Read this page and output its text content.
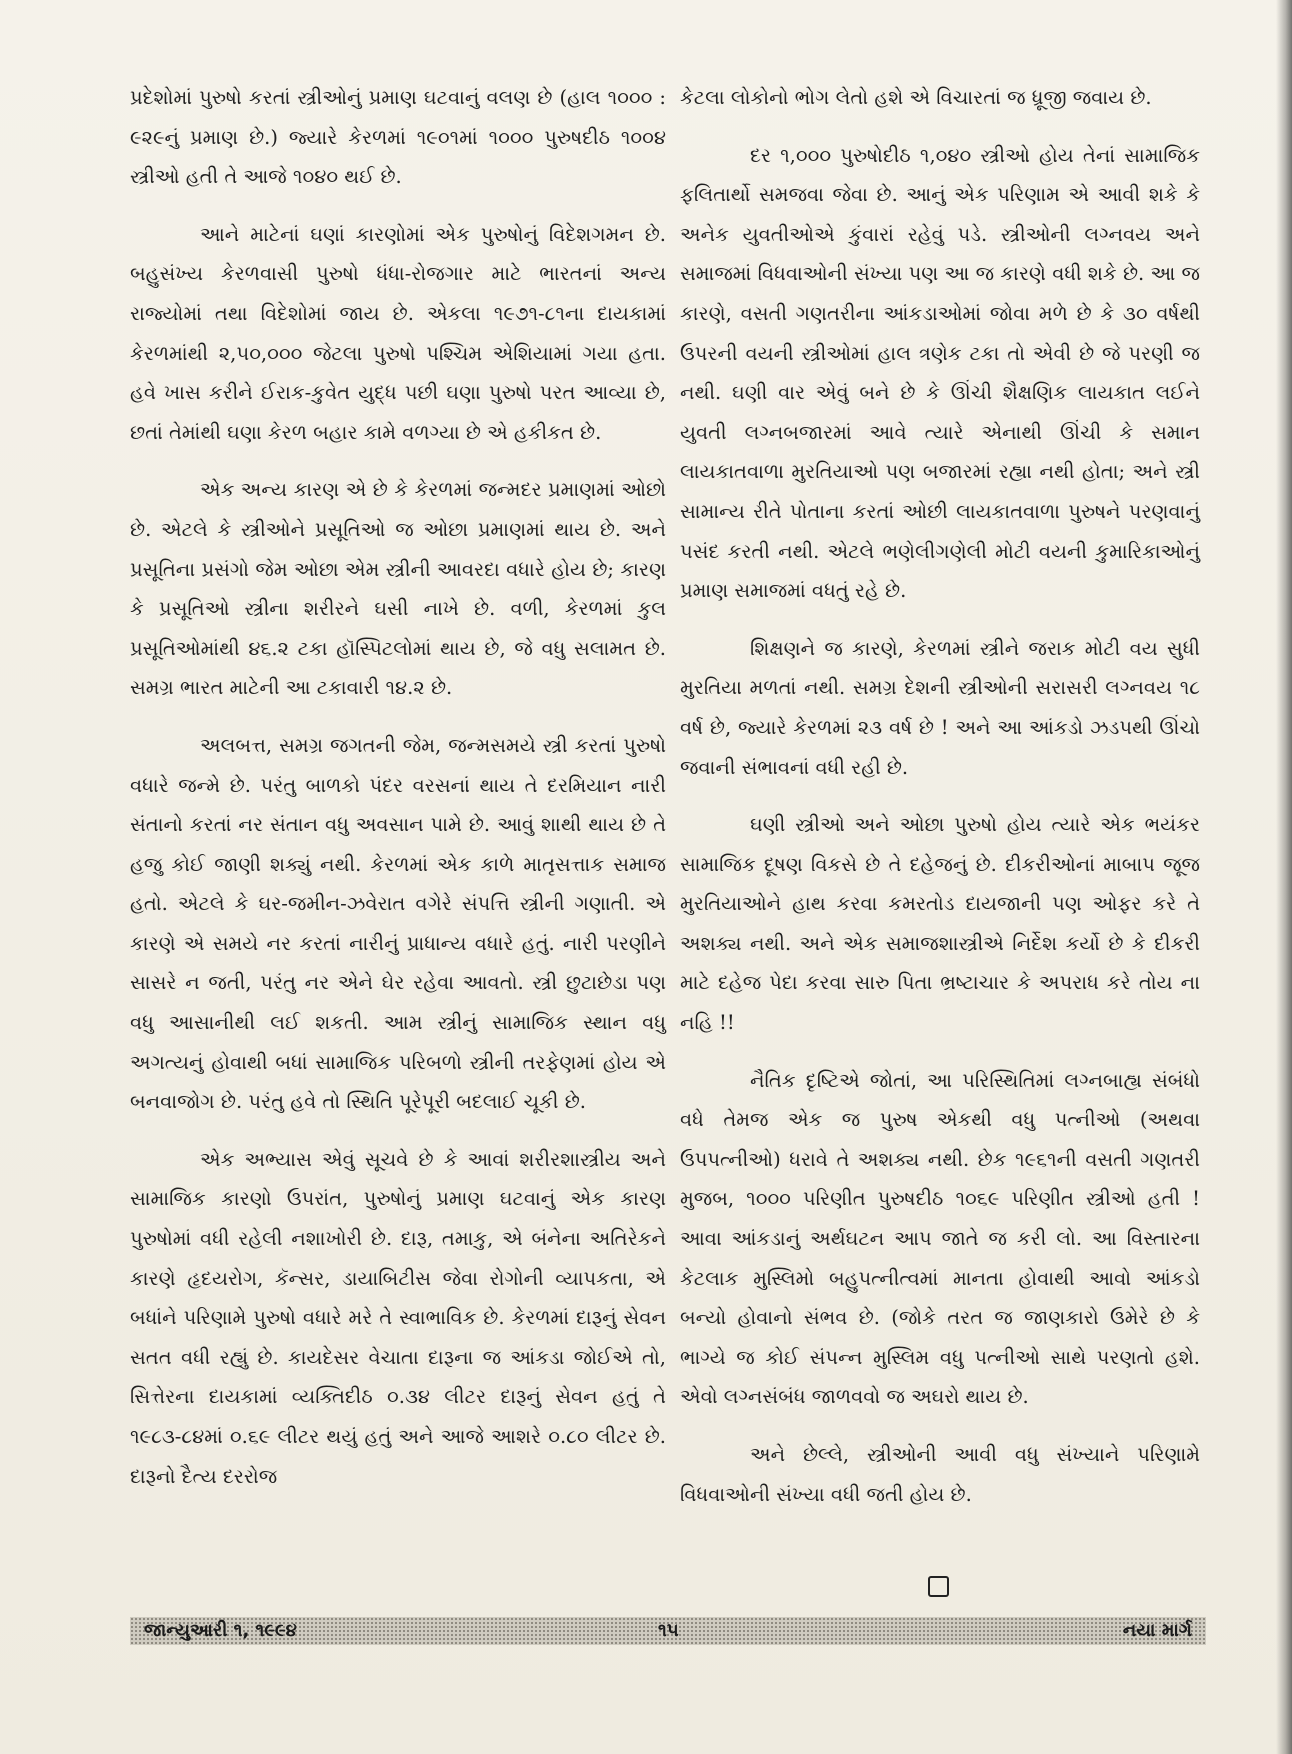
પ્રદેશોમાં પુરુષો કરતાં સ્ત્રીઓનું પ્રમાણ ઘટવાનું વલણ છે (હાલ ૧૦૦૦ : ૯૨૯નું પ્રમાણ છે.) જ્યારે કેરળમાં ૧૯૦૧માં ૧૦૦૦ પુરુષદીઠ ૧૦૦૪ સ્ત્રીઓ હતી તે આજે ૧૦૪૦ થઈ છે.

આને માટેનાં ઘણાં કારણોમાં એક પુરુષોનું વિદેશગમન છે. બહુસંખ્ય કેરળવાસી પુરુષો ધંધા-રોજગાર માટે ભારતનાં અન્ય રાજ્યોમાં તથા વિદેશોમાં જાય છે. એકલા ૧૯૭૧-૮૧ના દાયકામાં કેરળમાંથી ૨,૫૦,૦૦૦ જેટલા પુરુષો પશ્ચિમ એશિયામાં ગયા હતા. હવે ખાસ કરીને ઈરાક-કુવેત યુદ્ધ પછી ઘણા પુરુષો પરત આવ્યા છે, છતાં તેમાંથી ઘણા કેરળ બહાર કામે વળગ્યા છે એ હકીકત છે.

એક અન્ય કારણ એ છે કે કેરળમાં જન્મદર પ્રમાણમાં ઓછો છે. એટલે કે સ્ત્રીઓને પ્રસૂતિઓ જ ઓછા પ્રમાણમાં થાય છે. અને પ્રસૂતિના પ્રસંગો જેમ ઓછા એમ સ્ત્રીની આવરદા વધારે હોય છે; કારણ કે પ્રસૂતિઓ સ્ત્રીના શરીરને ઘસી નાખે છે. વળી, કેરળમાં કુલ પ્રસૂતિઓમાંથી ૪૬.૨ ટકા હૉસ્પિટલોમાં થાય છે, જે વધુ સલામત છે. સમગ્ર ભારત માટેની આ ટકાવારી ૧૪.૨ છે.

અલબત્ત, સમગ્ર જગતની જેમ, જન્મસમયે સ્ત્રી કરતાં પુરુષો વધારે જન્મે છે. પરંતુ બાળકો પંદર વરસનાં થાય તે દરમિયાન નારી સંતાનો કરતાં નર સંતાન વધુ અવસાન પામે છે. આવું શાથી થાય છે તે હજુ કોઈ જાણી શક્યું નથી. કેરળમાં એક કાળે માતૃસત્તાક સમાજ હતો. એટલે કે ઘર-જમીન-ઝવેરાત વગેરે સંપત્તિ સ્ત્રીની ગણાતી. એ કારણે એ સમયે નર કરતાં નારીનું પ્રાધાન્ય વધારે હતું. નારી પરણીને સાસરે ન જતી, પરંતુ નર એને ઘેર રહેવા આવતો. સ્ત્રી છુટાછેડા પણ વધુ આસાનીથી લઈ શકતી. આમ સ્ત્રીનું સામાજિક સ્થાન વધુ અગત્યનું હોવાથી બધાં સામાજિક પરિબળો સ્ત્રીની તરફેણમાં હોય એ બનવાજોગ છે. પરંતુ હવે તો સ્થિતિ પૂરેપૂરી બદલાઈ ચૂકી છે.

એક અભ્યાસ એવું સૂચવે છે કે આવાં શરીરશાસ્ત્રીય અને સામાજિક કારણો ઉપરાંત, પુરુષોનું પ્રમાણ ઘટવાનું એક કારણ પુરુષોમાં વધી રહેલી નશાખોરી છે. દારૂ, તમાકુ, એ બંનેના અતિરેકને કારણે હૃદયરોગ, કૅન્સર, ડાયાબિટીસ જેવા રોગોની વ્યાપકતા, એ બધાંને પરિણામે પુરુષો વધારે મરે તે સ્વાભાવિક છે. કેરળમાં દારૂનું સેવન સતત વધી રહ્યું છે. કાયદેસર વેચાતા દારૂના જ આંકડા જોઈએ તો, સિત્તેરના દાયકામાં વ્યક્તિદીઠ ૦.૩૪ લીટર દારૂનું સેવન હતું તે ૧૯૮૩-૮૪માં ૦.૬૯ લીટર થયું હતું અને આજે આશરે ૦.૮૦ લીટર છે. દારૂનો દૈત્ય દરરોજ

કેટલા લોકોનો ભોગ લેતો હશે એ વિચારતાં જ ધ્રૂજી જવાય છે.

દર ૧,૦૦૦ પુરુષોદીઠ ૧,૦૪૦ સ્ત્રીઓ હોય તેનાં સામાજિક ફલિતાર્થો સમજવા જેવા છે. આનું એક પરિણામ એ આવી શકે કે અનેક યુવતીઓએ કુંવારાં રહેવું પડે. સ્ત્રીઓની લગ્નવય અને સમાજમાં વિધવાઓની સંખ્યા પણ આ જ કારણે વધી શકે છે. આ જ કારણે, વસતી ગણતરીના આંકડાઓમાં જોવા મળે છે કે ૩૦ વર્ષથી ઉપરની વયની સ્ત્રીઓમાં હાલ ત્રણેક ટકા તો એવી છે જે પરણી જ નથી. ઘણી વાર એવું બને છે કે ઊંચી શૈક્ષણિક લાયકાત લઈને યુવતી લગ્નબજારમાં આવે ત્યારે એનાથી ઊંચી કે સમાન લાયકાતવાળા મુરતિયાઓ પણ બજારમાં રહ્યા નથી હોતા; અને સ્ત્રી સામાન્ય રીતે પોતાના કરતાં ઓછી લાયકાતવાળા પુરુષને પરણવાનું પસંદ કરતી નથી. એટલે ભણેલીગણેલી મોટી વયની કુમારિકાઓનું પ્રમાણ સમાજમાં વધતું રહે છે.

શિક્ષણને જ કારણે, કેરળમાં સ્ત્રીને જરાક મોટી વય સુધી મુરતિયા મળતાં નથી. સમગ્ર દેશની સ્ત્રીઓની સરાસરી લગ્નવય ૧૮ વર્ષ છે, જ્યારે કેરળમાં ૨૩ વર્ષ છે ! અને આ આંકડો ઝડપથી ઊંચો જવાની સંભાવનાં વધી રહી છે.

ઘણી સ્ત્રીઓ અને ઓછા પુરુષો હોય ત્યારે એક ભયંકર સામાજિક દૂષણ વિકસે છે તે દહેજનું છે. દીકરીઓનાં માબાપ જૂજ મુરતિયાઓને હાથ કરવા કમરતોડ દાયજાની પણ ઓફર કરે તે અશક્ય નથી. અને એક સમાજશાસ્ત્રીએ નિર્દેશ કર્યો છે કે દીકરી માટે દહેજ પેદા કરવા સારુ પિતા ભ્રષ્ટાચાર કે અપરાધ કરે તોય ના નહિ !!

નૈતિક દૃષ્ટિએ જોતાં, આ પરિસ્થિતિમાં લગ્નબાહ્ય સંબંધો વધે તેમજ એક જ પુરુષ એકથી વધુ પત્નીઓ (અથવા ઉપપત્નીઓ) ધરાવે તે અશક્ય નથી. છેક ૧૯૬૧ની વસતી ગણતરી મુજબ, ૧૦૦૦ પરિણીત પુરુષદીઠ ૧૦૬૯ પરિણીત સ્ત્રીઓ હતી ! આવા આંકડાનું અર્થઘટન આપ જાતે જ કરી લો. આ વિસ્તારના કેટલાક મુસ્લિમો બહુપત્નીત્વમાં માનતા હોવાથી આવો આંકડો બન્યો હોવાનો સંભવ છે. (જોકે તરત જ જાણકારો ઉમેરે છે કે ભાગ્યે જ કોઈ સંપન્ન મુસ્લિમ વધુ પત્નીઓ સાથે પરણતો હશે. એવો લગ્નસંબંધ જાળવવો જ અઘરો થાય છે.

અને છેલ્લે, સ્ત્રીઓની આવી વધુ સંખ્યાને પરિણામે વિધવાઓની સંખ્યા વધી જતી હોય છે.

જાન્યુઆરી ૧, ૧૯૯૪	૧૫	નયા માર્ગ
